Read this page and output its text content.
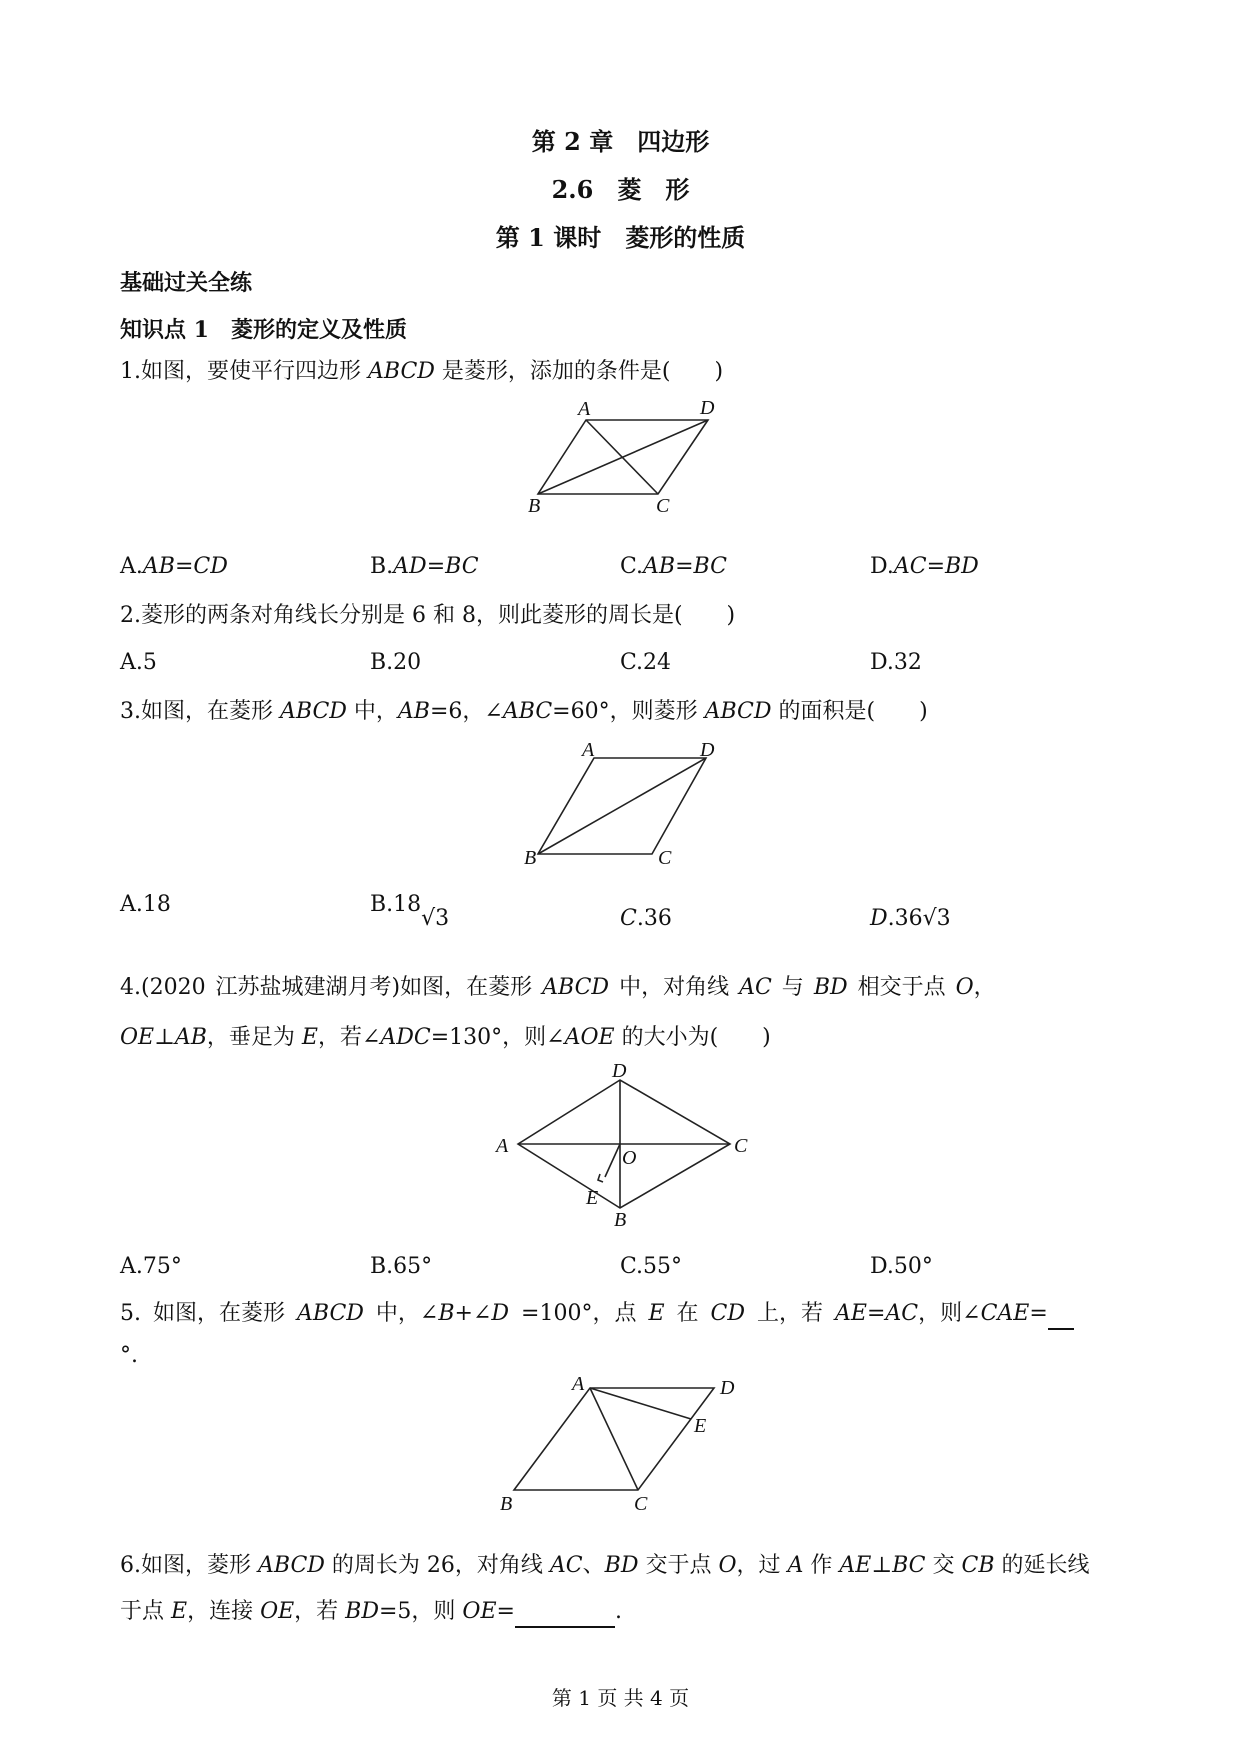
第 2 章　四边形
2.6　菱　形
第 1 课时　菱形的性质
基础过关全练
知识点 1　菱形的定义及性质
1.如图，要使平行四边形 ABCD 是菱形，添加的条件是(　　)
A	D
B	C
A.AB=CD	B.AD=BC	C.AB=BC	D.AC=BD
2.菱形的两条对角线长分别是 6 和 8，则此菱形的周长是(　　)
A.5	B.20	C.24	D.32
3.如图，在菱形 ABCD 中，AB=6，∠ABC=60°，则菱形 ABCD 的面积是(　　)
A	D
B	C
A.18	B.18√3	C.36	D.36√3
4.(2020 江苏盐城建湖月考)如图，在菱形 ABCD 中，对角线 AC 与 BD 相交于点 O，
OE⊥AB，垂足为 E，若∠ADC=130°，则∠AOE 的大小为(　　)
D
A
O
C
E
B
A.75°	B.65°	C.55°	D.50°
5. 如图，在菱形 ABCD 中，∠B+∠D =100°，点 E 在 CD 上，若 AE=AC，则∠CAE=
°.
A	D
E
B	C
6.如图，菱形 ABCD 的周长为 26，对角线 AC、BD 交于点 O，过 A 作 AE⊥BC 交 CB 的延长线
于点 E，连接 OE，若 BD=5，则 OE=	.
第 1 页 共 4 页
